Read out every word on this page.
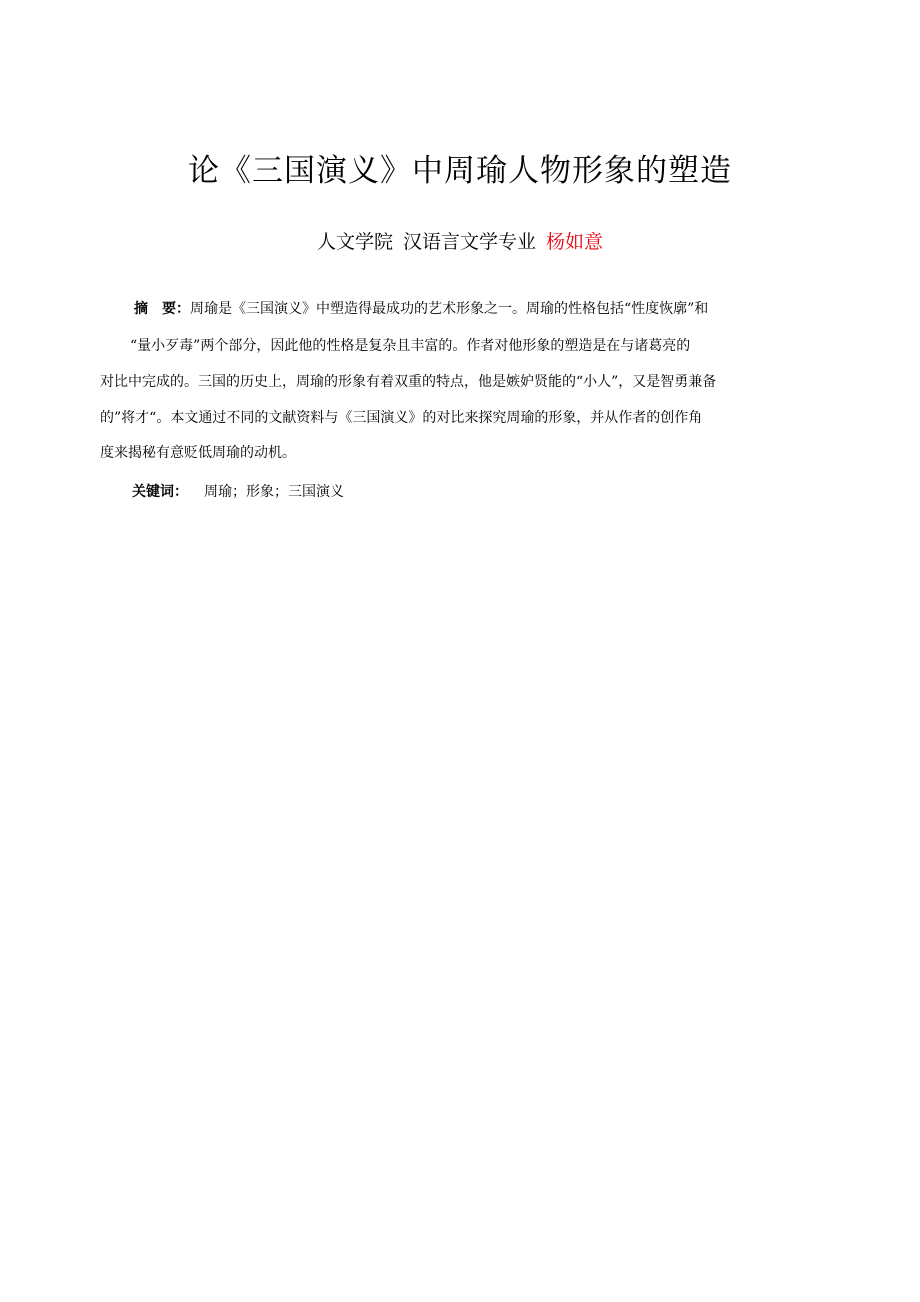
论《三国演义》中周瑜人物形象的塑造
人文学院 汉语言文学专业 杨如意
摘　要：周瑜是《三国演义》中塑造得最成功的艺术形象之一。周瑜的性格包括“性度恢廓”和
“量小歹毒”两个部分，因此他的性格是复杂且丰富的。作者对他形象的塑造是在与诸葛亮的
对比中完成的。三国的历史上，周瑜的形象有着双重的特点，他是嫉妒贤能的“小人”，又是智勇兼备
的”将才“。本文通过不同的文献资料与《三国演义》的对比来探究周瑜的形象，并从作者的创作角
度来揭秘有意贬低周瑜的动机。
关键词： 周瑜；形象；三国演义
